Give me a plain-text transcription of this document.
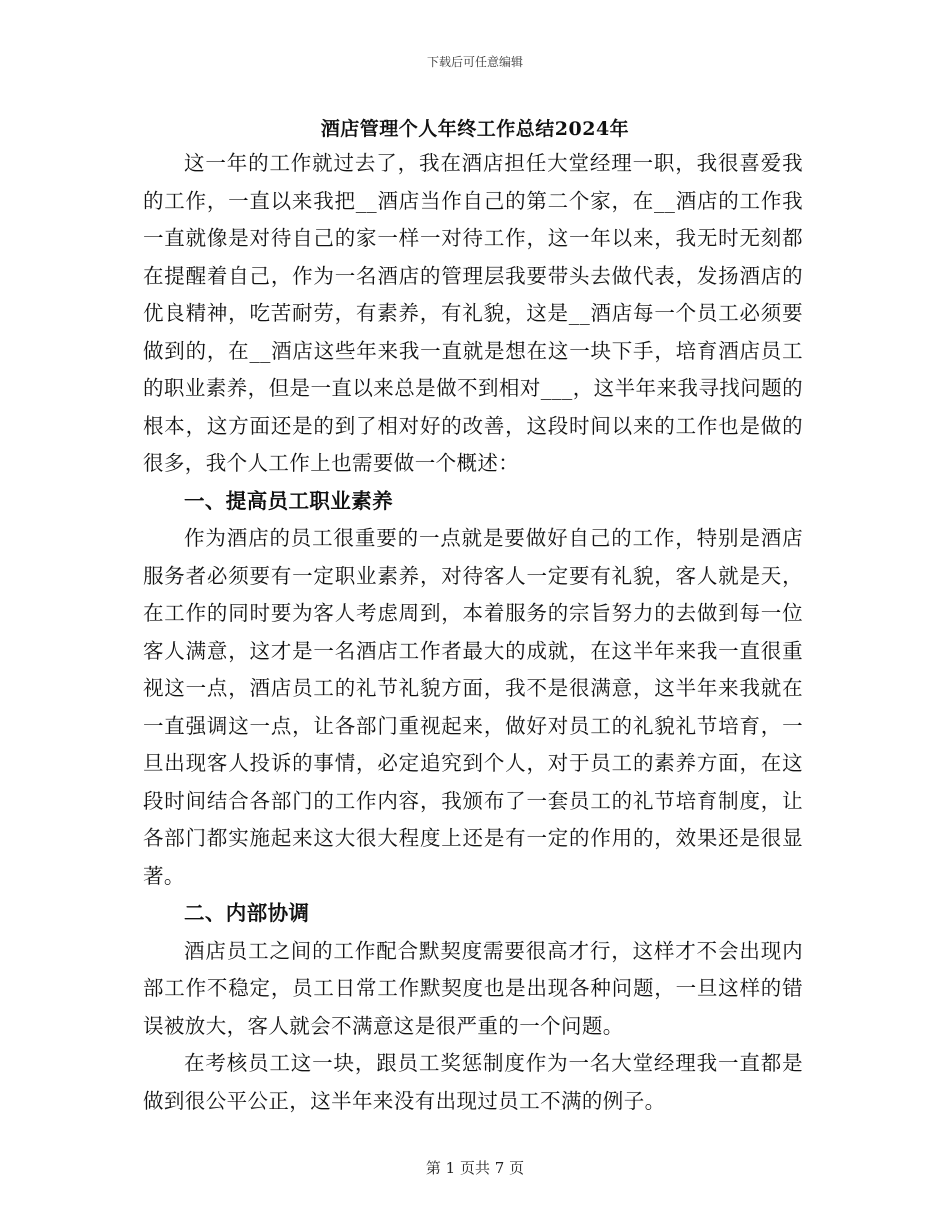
下载后可任意编辑
酒店管理个人年终工作总结2024年

这一年的工作就过去了，我在酒店担任大堂经理一职，我很喜爱我的工作，一直以来我把__酒店当作自己的第二个家，在__酒店的工作我一直就像是对待自己的家一样一对待工作，这一年以来，我无时无刻都在提醒着自己，作为一名酒店的管理层我要带头去做代表，发扬酒店的优良精神，吃苦耐劳，有素养，有礼貌，这是__酒店每一个员工必须要做到的，在__酒店这些年来我一直就是想在这一块下手，培育酒店员工的职业素养，但是一直以来总是做不到相对___，这半年来我寻找问题的根本，这方面还是的到了相对好的改善，这段时间以来的工作也是做的很多，我个人工作上也需要做一个概述：

一、提高员工职业素养

作为酒店的员工很重要的一点就是要做好自己的工作，特别是酒店服务者必须要有一定职业素养，对待客人一定要有礼貌，客人就是天，在工作的同时要为客人考虑周到，本着服务的宗旨努力的去做到每一位客人满意，这才是一名酒店工作者最大的成就，在这半年来我一直很重视这一点，酒店员工的礼节礼貌方面，我不是很满意，这半年来我就在一直强调这一点，让各部门重视起来，做好对员工的礼貌礼节培育，一旦出现客人投诉的事情，必定追究到个人，对于员工的素养方面，在这段时间结合各部门的工作内容，我颁布了一套员工的礼节培育制度，让各部门都实施起来这大很大程度上还是有一定的作用的，效果还是很显著。

二、内部协调

酒店员工之间的工作配合默契度需要很高才行，这样才不会出现内部工作不稳定，员工日常工作默契度也是出现各种问题，一旦这样的错误被放大，客人就会不满意这是很严重的一个问题。

在考核员工这一块，跟员工奖惩制度作为一名大堂经理我一直都是做到很公平公正，这半年来没有出现过员工不满的例子。

第 1 页共 7 页
